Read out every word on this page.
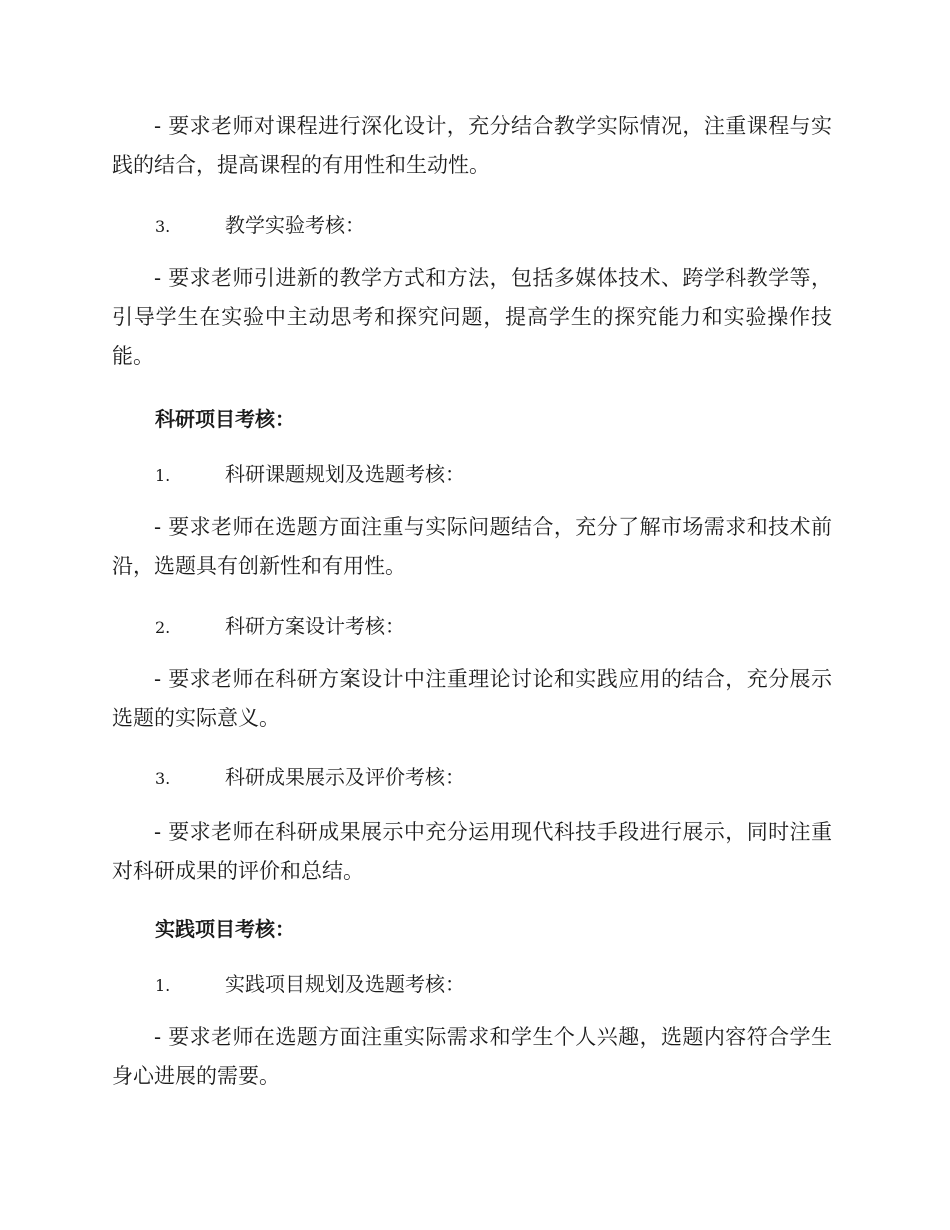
- 要求老师对课程进行深化设计，充分结合教学实际情况，注重课程与实践的结合，提高课程的有用性和生动性。

3.	教学实验考核：

- 要求老师引进新的教学方式和方法，包括多媒体技术、跨学科教学等，引导学生在实验中主动思考和探究问题，提高学生的探究能力和实验操作技能。

科研项目考核：
1.	科研课题规划及选题考核：

- 要求老师在选题方面注重与实际问题结合，充分了解市场需求和技术前沿，选题具有创新性和有用性。

2.	科研方案设计考核：

- 要求老师在科研方案设计中注重理论讨论和实践应用的结合，充分展示选题的实际意义。

3.	科研成果展示及评价考核：

- 要求老师在科研成果展示中充分运用现代科技手段进行展示，同时注重对科研成果的评价和总结。

实践项目考核：
1.	实践项目规划及选题考核：

- 要求老师在选题方面注重实际需求和学生个人兴趣，选题内容符合学生身心进展的需要。
